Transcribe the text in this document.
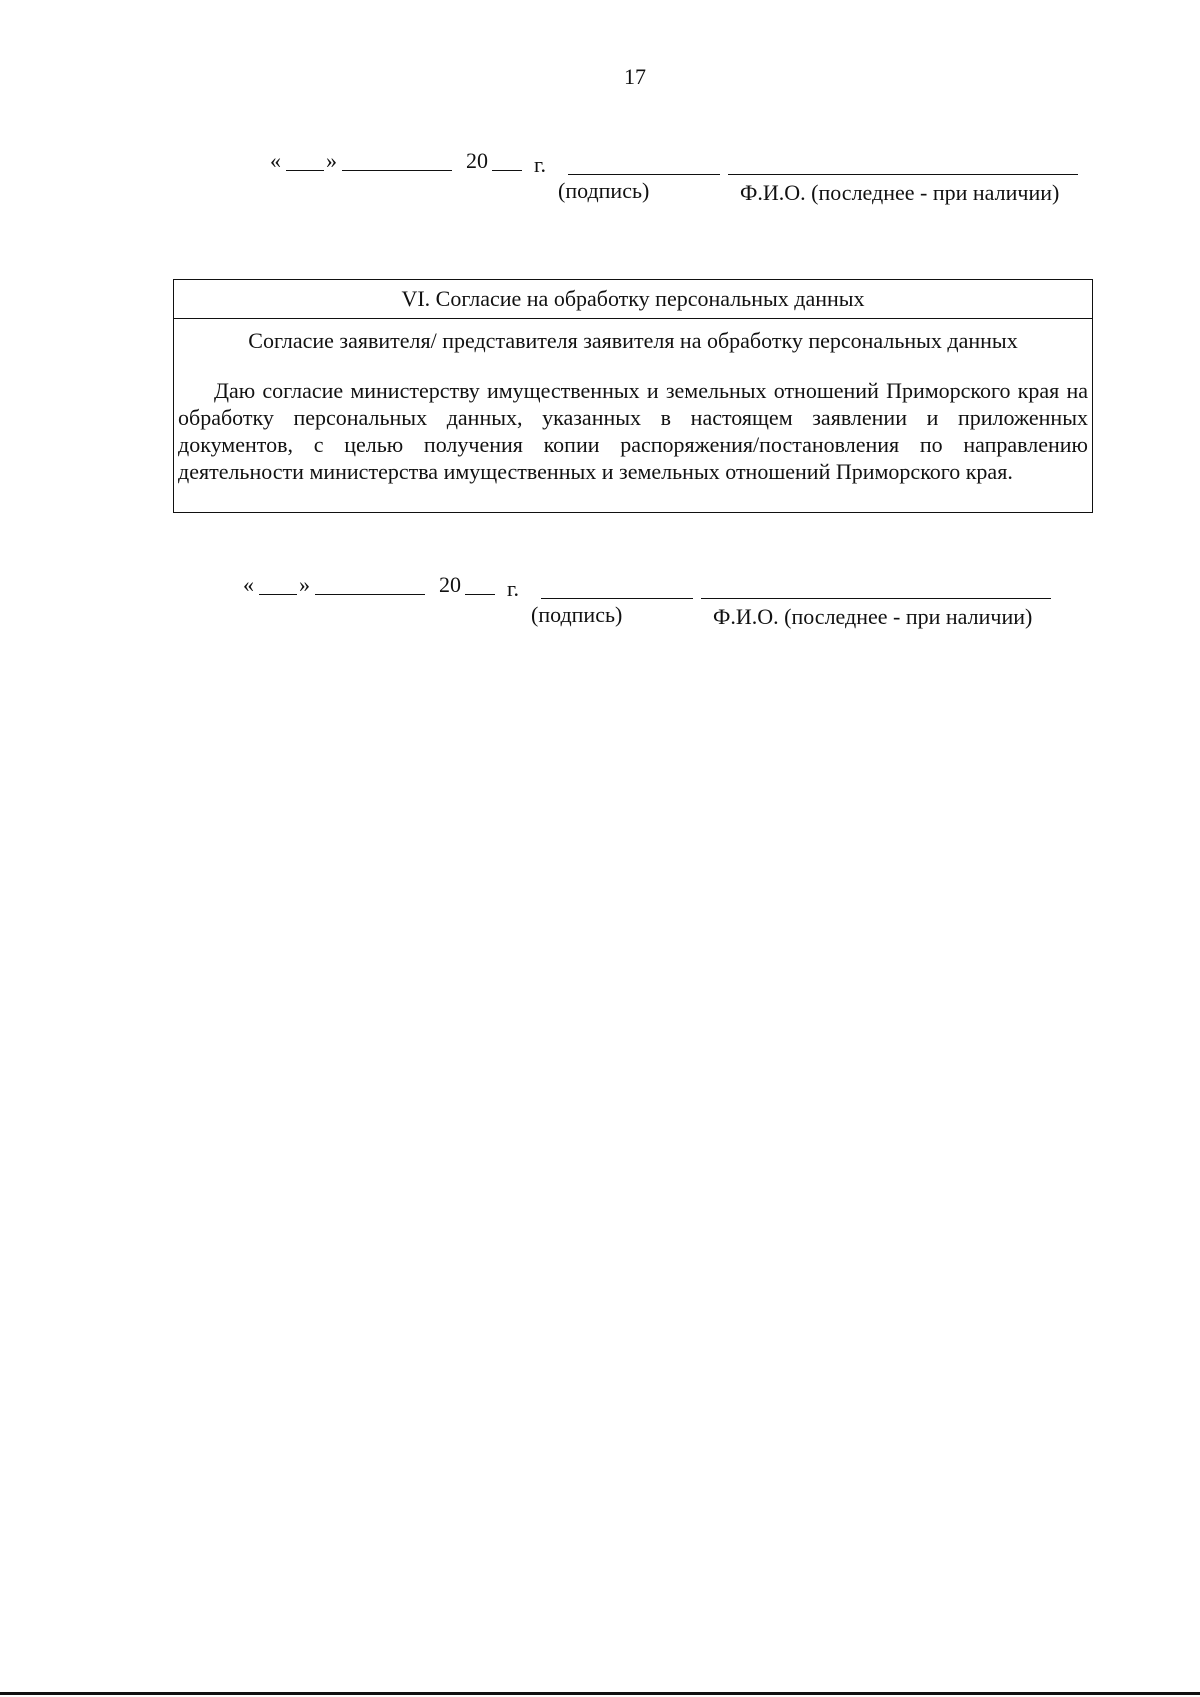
17
« »	20 г.
(подпись)	Ф.И.О. (последнее - при наличии)
VI. Согласие на обработку персональных данных
Согласие заявителя/ представителя заявителя на обработку персональных данных
Даю согласие министерству имущественных и земельных отношений Приморского края на обработку персональных данных, указанных в настоящем заявлении и приложенных документов, с целью получения копии распоряжения/постановления по направлению деятельности министерства имущественных и земельных отношений Приморского края.
« »	20 г.
(подпись)	Ф.И.О. (последнее - при наличии)
